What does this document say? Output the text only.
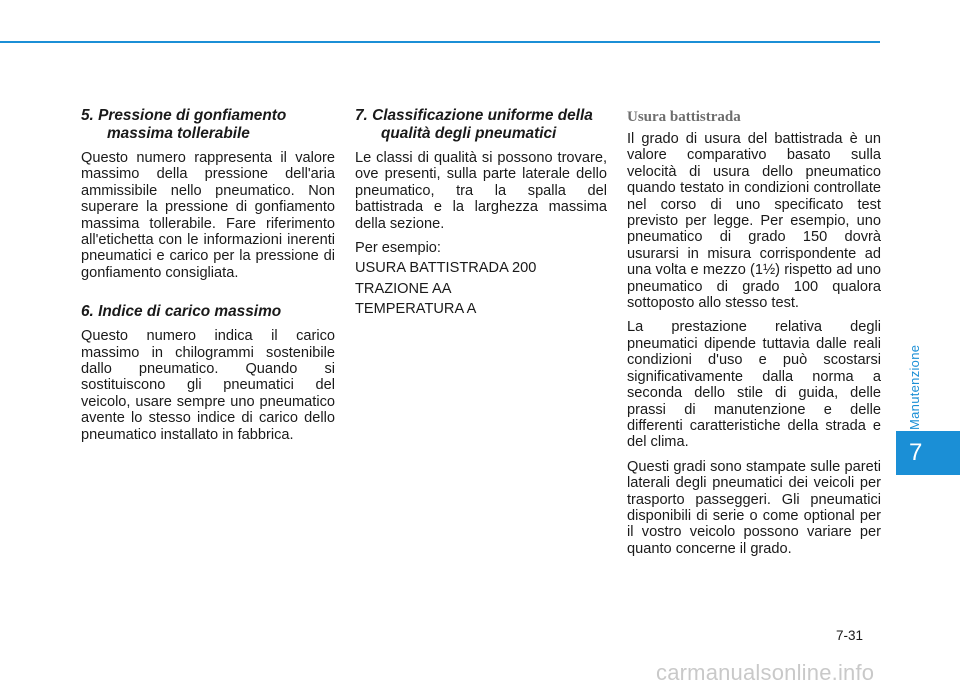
5. Pressione di gonfiamento massima tollerabile

Questo numero rappresenta il valore massimo della pressione dell'aria ammissibile nello pneumatico. Non superare la pressione di gonfiamento massima tollerabile. Fare riferimento all'etichetta con le informazioni inerenti pneumatici e carico per la pressione di gonfiamento consigliata.

6. Indice di carico massimo

Questo numero indica il carico massimo in chilogrammi sostenibile dallo pneumatico. Quando si sostituiscono gli pneumatici del veicolo, usare sempre uno pneumatico avente lo stesso indice di carico dello pneumatico installato in fabbrica.

7. Classificazione uniforme della qualità degli pneumatici

Le classi di qualità si possono trovare, ove presenti, sulla parte laterale dello pneumatico, tra la spalla del battistrada e la larghezza massima della sezione.

Per esempio:

USURA BATTISTRADA 200

TRAZIONE AA

TEMPERATURA A

Usura battistrada

Il grado di usura del battistrada è un valore comparativo basato sulla velocità di usura dello pneumatico quando testato in condizioni controllate nel corso di uno specificato test previsto per legge. Per esempio, uno pneumatico di grado 150 dovrà usurarsi in misura corrispondente ad una volta e mezzo (1½) rispetto ad uno pneumatico di grado 100 qualora sottoposto allo stesso test.

La prestazione relativa degli pneumatici dipende tuttavia dalle reali condizioni d'uso e può scostarsi significativamente dalla norma a seconda dello stile di guida, delle prassi di manutenzione e delle differenti caratteristiche della strada e del clima.

Questi gradi sono stampate sulle pareti laterali degli pneumatici dei veicoli per trasporto passeggeri. Gli pneumatici disponibili di serie o come optional per il vostro veicolo possono variare per quanto concerne il grado.

Manutenzione
7
7-31
carmanualsonline.info
